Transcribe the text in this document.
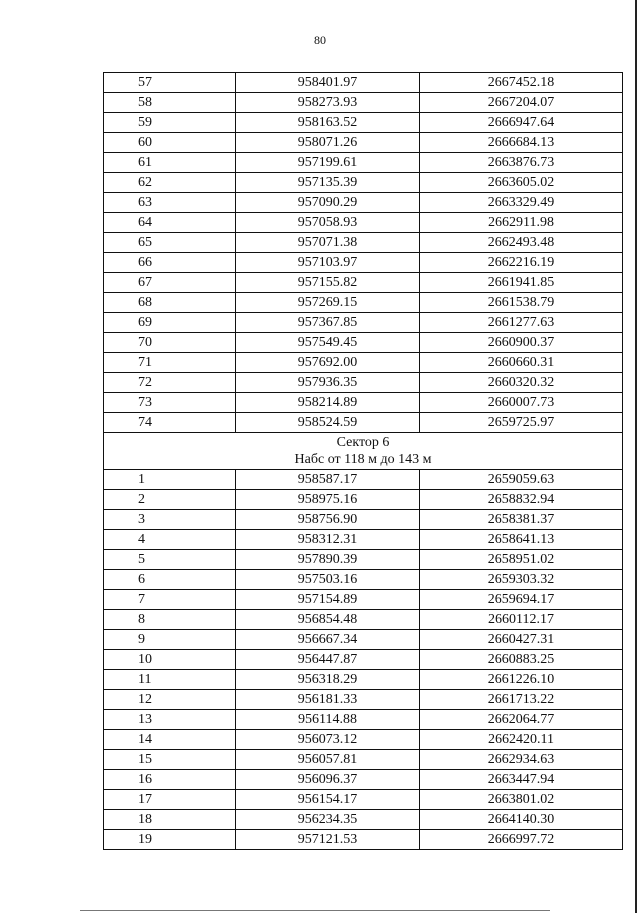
80
57	958401.97	2667452.18
58	958273.93	2667204.07
59	958163.52	2666947.64
60	958071.26	2666684.13
61	957199.61	2663876.73
62	957135.39	2663605.02
63	957090.29	2663329.49
64	957058.93	2662911.98
65	957071.38	2662493.48
66	957103.97	2662216.19
67	957155.82	2661941.85
68	957269.15	2661538.79
69	957367.85	2661277.63
70	957549.45	2660900.37
71	957692.00	2660660.31
72	957936.35	2660320.32
73	958214.89	2660007.73
74	958524.59	2659725.97

Сектор 6
Набс от 118 м до 143 м		

1	958587.17	2659059.63
2	958975.16	2658832.94
3	958756.90	2658381.37
4	958312.31	2658641.13
5	957890.39	2658951.02
6	957503.16	2659303.32
7	957154.89	2659694.17
8	956854.48	2660112.17
9	956667.34	2660427.31
10	956447.87	2660883.25
11	956318.29	2661226.10
12	956181.33	2661713.22
13	956114.88	2662064.77
14	956073.12	2662420.11
15	956057.81	2662934.63
16	956096.37	2663447.94
17	956154.17	2663801.02
18	956234.35	2664140.30
19	957121.53	2666997.72
